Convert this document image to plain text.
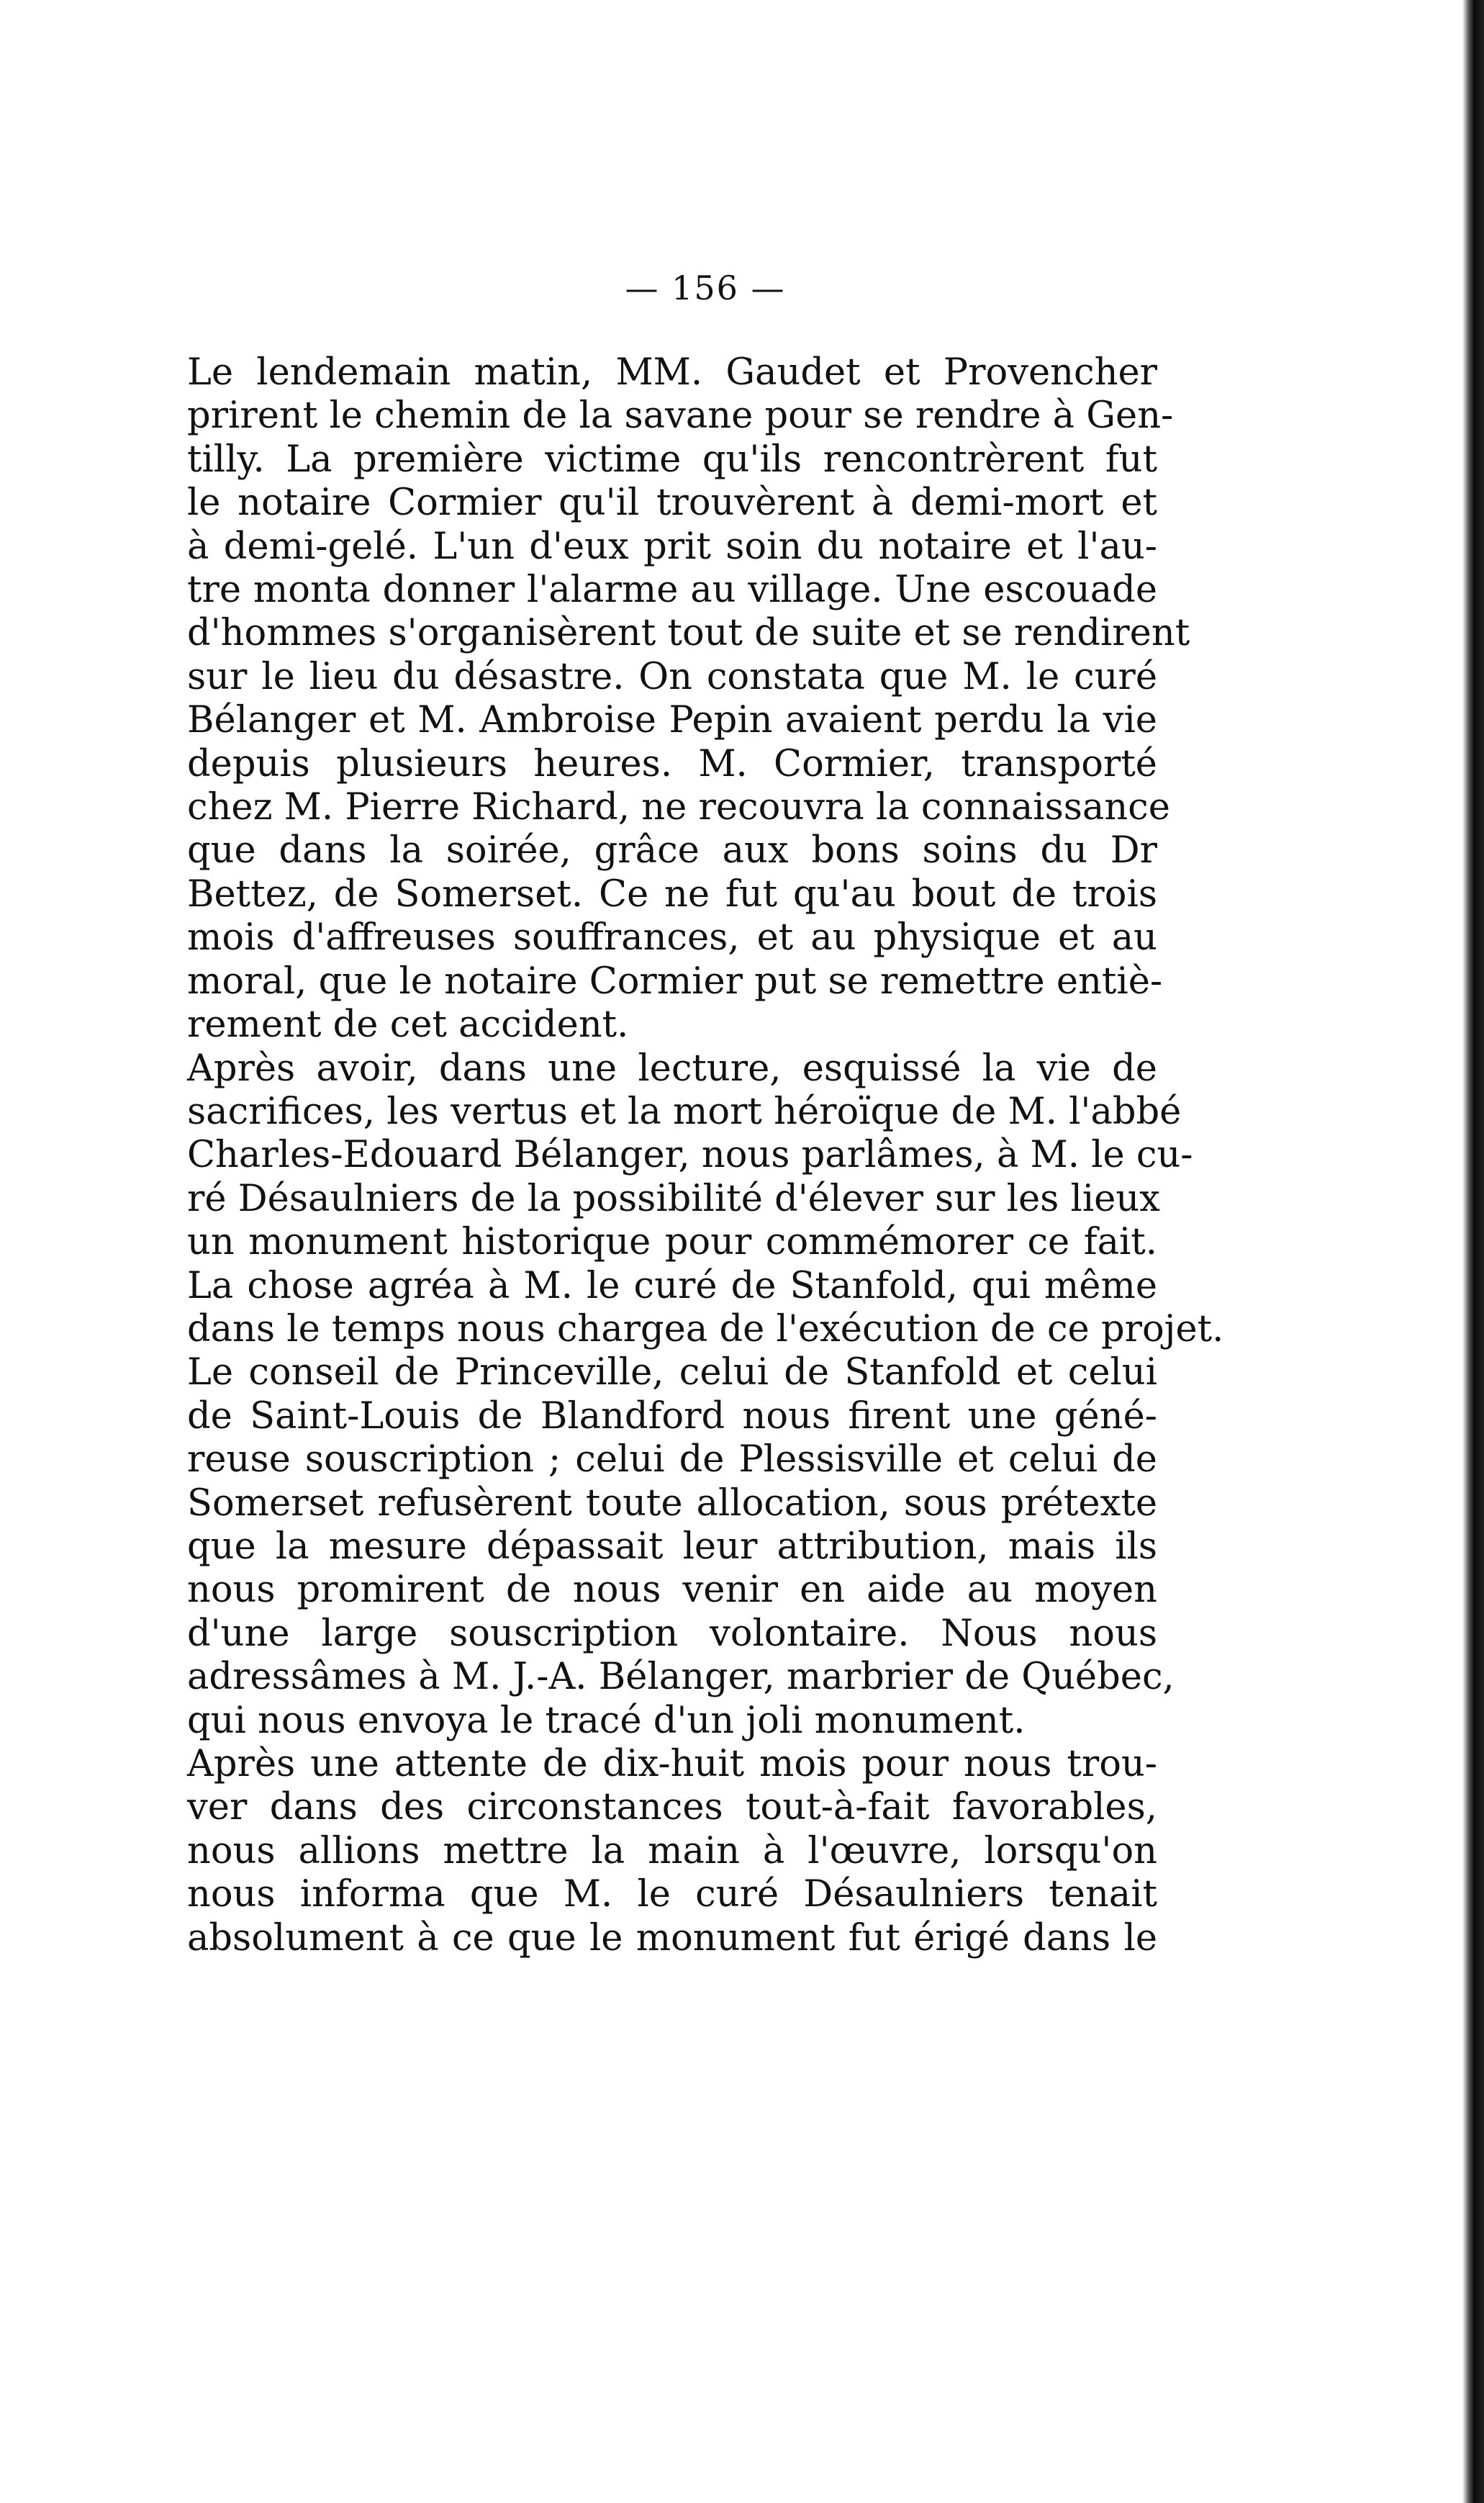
— 156 —
Le lendemain matin, MM. Gaudet et Provencher
prirent le chemin de la savane pour se rendre à Gen-
tilly. La première victime qu'ils rencontrèrent fut
le notaire Cormier qu'il trouvèrent à demi-mort et
à demi-gelé. L'un d'eux prit soin du notaire et l'au-
tre monta donner l'alarme au village. Une escouade
d'hommes s'organisèrent tout de suite et se rendirent
sur le lieu du désastre. On constata que M. le curé
Bélanger et M. Ambroise Pepin avaient perdu la vie
depuis plusieurs heures. M. Cormier, transporté
chez M. Pierre Richard, ne recouvra la connaissance
que dans la soirée, grâce aux bons soins du Dr
Bettez, de Somerset. Ce ne fut qu'au bout de trois
mois d'affreuses souffrances, et au physique et au
moral, que le notaire Cormier put se remettre entiè-
rement de cet accident.
Après avoir, dans une lecture, esquissé la vie de
sacrifices, les vertus et la mort héroïque de M. l'abbé
Charles-Edouard Bélanger, nous parlâmes, à M. le cu-
ré Désaulniers de la possibilité d'élever sur les lieux
un monument historique pour commémorer ce fait.
La chose agréa à M. le curé de Stanfold, qui même
dans le temps nous chargea de l'exécution de ce projet.
Le conseil de Princeville, celui de Stanfold et celui
de Saint-Louis de Blandford nous firent une géné-
reuse souscription ; celui de Plessisville et celui de
Somerset refusèrent toute allocation, sous prétexte
que la mesure dépassait leur attribution, mais ils
nous promirent de nous venir en aide au moyen
d'une large souscription volontaire. Nous nous
adressâmes à M. J.-A. Bélanger, marbrier de Québec,
qui nous envoya le tracé d'un joli monument.
Après une attente de dix-huit mois pour nous trou-
ver dans des circonstances tout-à-fait favorables,
nous allions mettre la main à l'œuvre, lorsqu'on
nous informa que M. le curé Désaulniers tenait
absolument à ce que le monument fut érigé dans le
